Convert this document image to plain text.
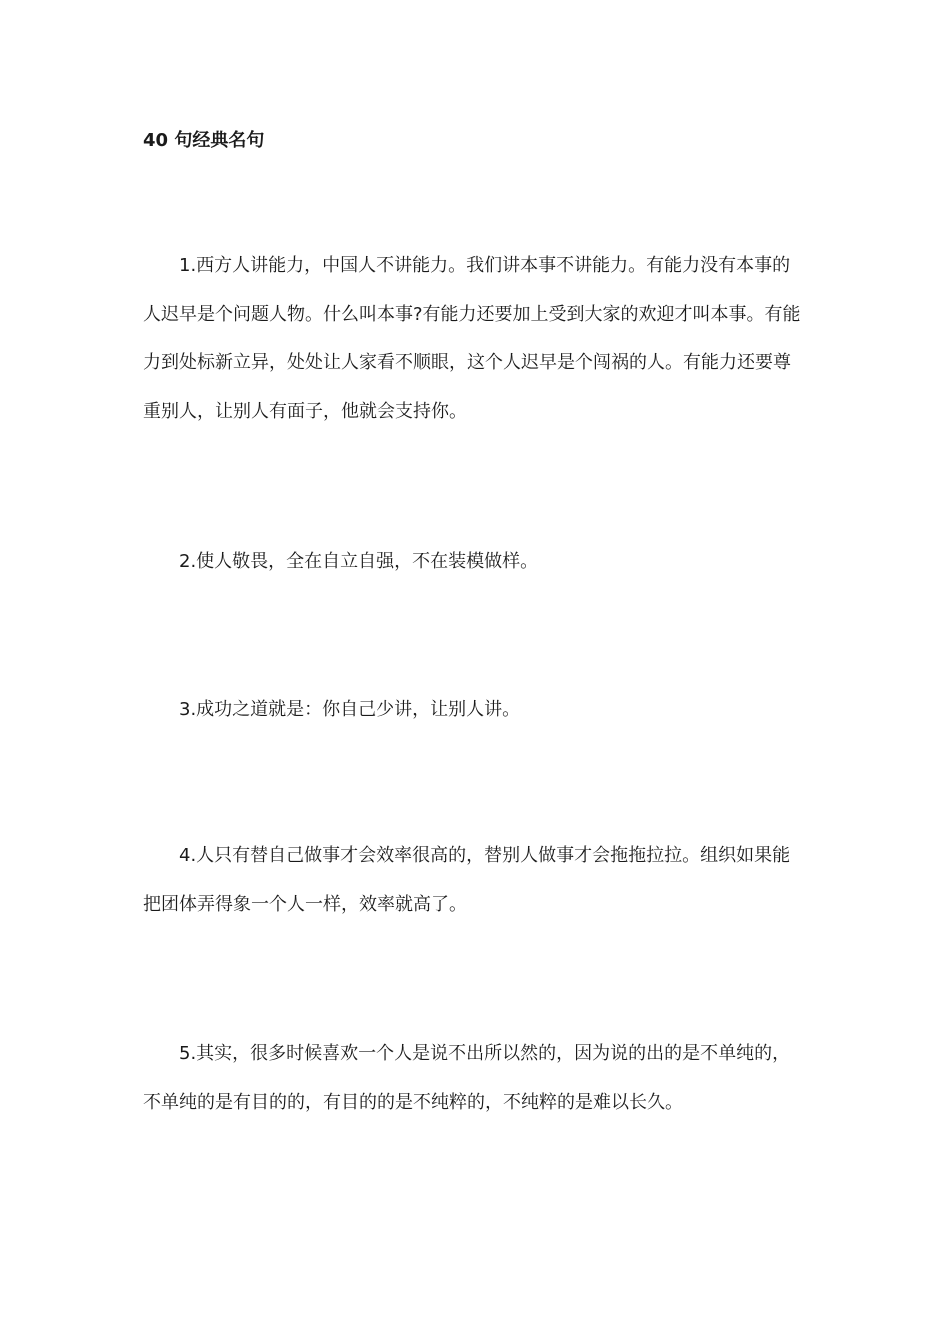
40 句经典名句

1.西方人讲能力，中国人不讲能力。我们讲本事不讲能力。有能力没有本事的人迟早是个问题人物。什么叫本事?有能力还要加上受到大家的欢迎才叫本事。有能力到处标新立异，处处让人家看不顺眼，这个人迟早是个闯祸的人。有能力还要尊重别人，让别人有面子，他就会支持你。

2.使人敬畏，全在自立自强，不在装模做样。

3.成功之道就是：你自己少讲，让别人讲。

4.人只有替自己做事才会效率很高的，替别人做事才会拖拖拉拉。组织如果能把团体弄得象一个人一样，效率就高了。

5.其实，很多时候喜欢一个人是说不出所以然的，因为说的出的是不单纯的，不单纯的是有目的的，有目的的是不纯粹的，不纯粹的是难以长久。
